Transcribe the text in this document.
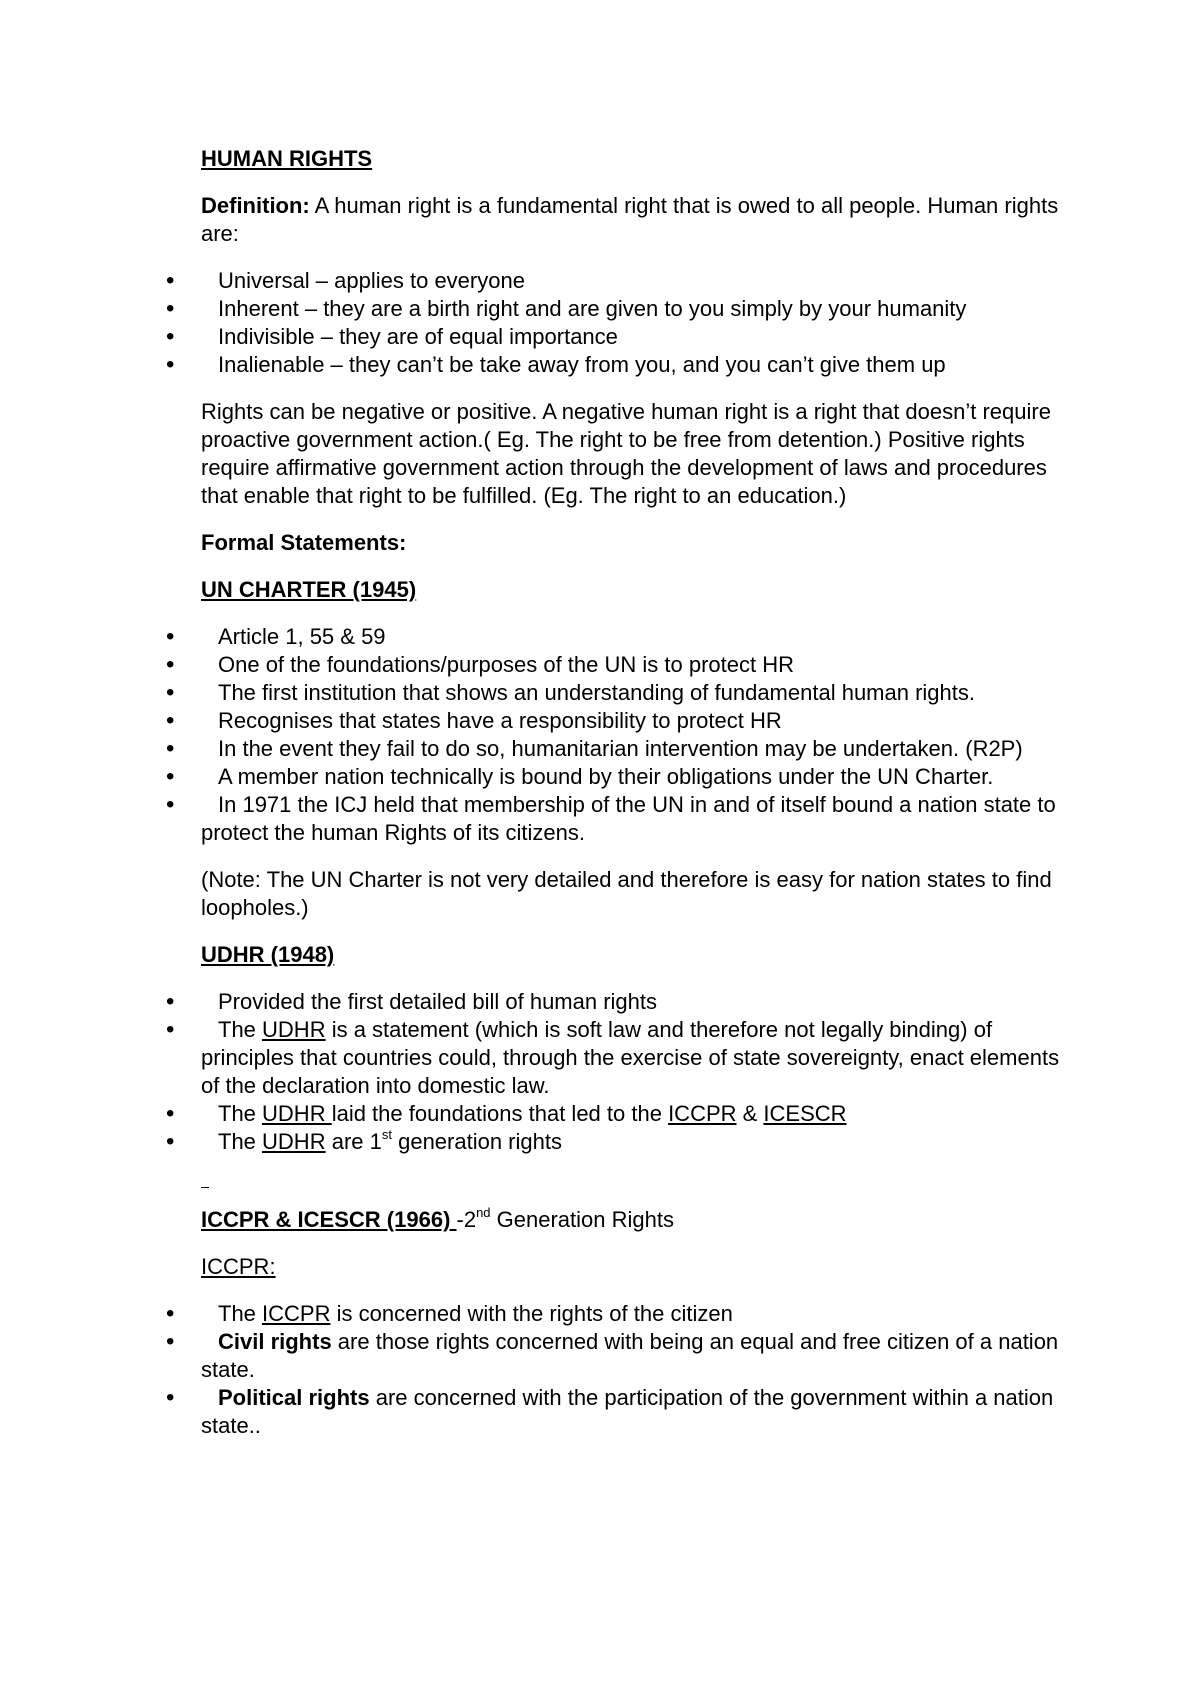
HUMAN RIGHTS

Definition: A human right is a fundamental right that is owed to all people. Human rights are:

• Universal – applies to everyone
• Inherent – they are a birth right and are given to you simply by your humanity
• Indivisible – they are of equal importance
• Inalienable – they can’t be take away from you, and you can’t give them up

Rights can be negative or positive. A negative human right is a right that doesn’t require proactive government action.( Eg. The right to be free from detention.) Positive rights require affirmative government action through the development of laws and procedures that enable that right to be fulfilled. (Eg. The right to an education.)

Formal Statements:
UN CHARTER (1945)
• Article 1, 55 & 59
• One of the foundations/purposes of the UN is to protect HR
• The first institution that shows an understanding of fundamental human rights.
• Recognises that states have a responsibility to protect HR
• In the event they fail to do so, humanitarian intervention may be undertaken. (R2P)
• A member nation technically is bound by their obligations under the UN Charter.
• In 1971 the ICJ held that membership of the UN in and of itself bound a nation state to protect the human Rights of its citizens.

(Note: The UN Charter is not very detailed and therefore is easy for nation states to find loopholes.)

UDHR (1948)
• Provided the first detailed bill of human rights
• The UDHR is a statement (which is soft law and therefore not legally binding) of principles that countries could, through the exercise of state sovereignty, enact elements of the declaration into domestic law.
• The UDHR laid the foundations that led to the ICCPR & ICESCR
• The UDHR are 1st generation rights

ICCPR & ICESCR (1966) -2nd Generation Rights

ICCPR:

• The ICCPR is concerned with the rights of the citizen
• Civil rights are those rights concerned with being an equal and free citizen of a nation state.
• Political rights are concerned with the participation of the government within a nation state..
